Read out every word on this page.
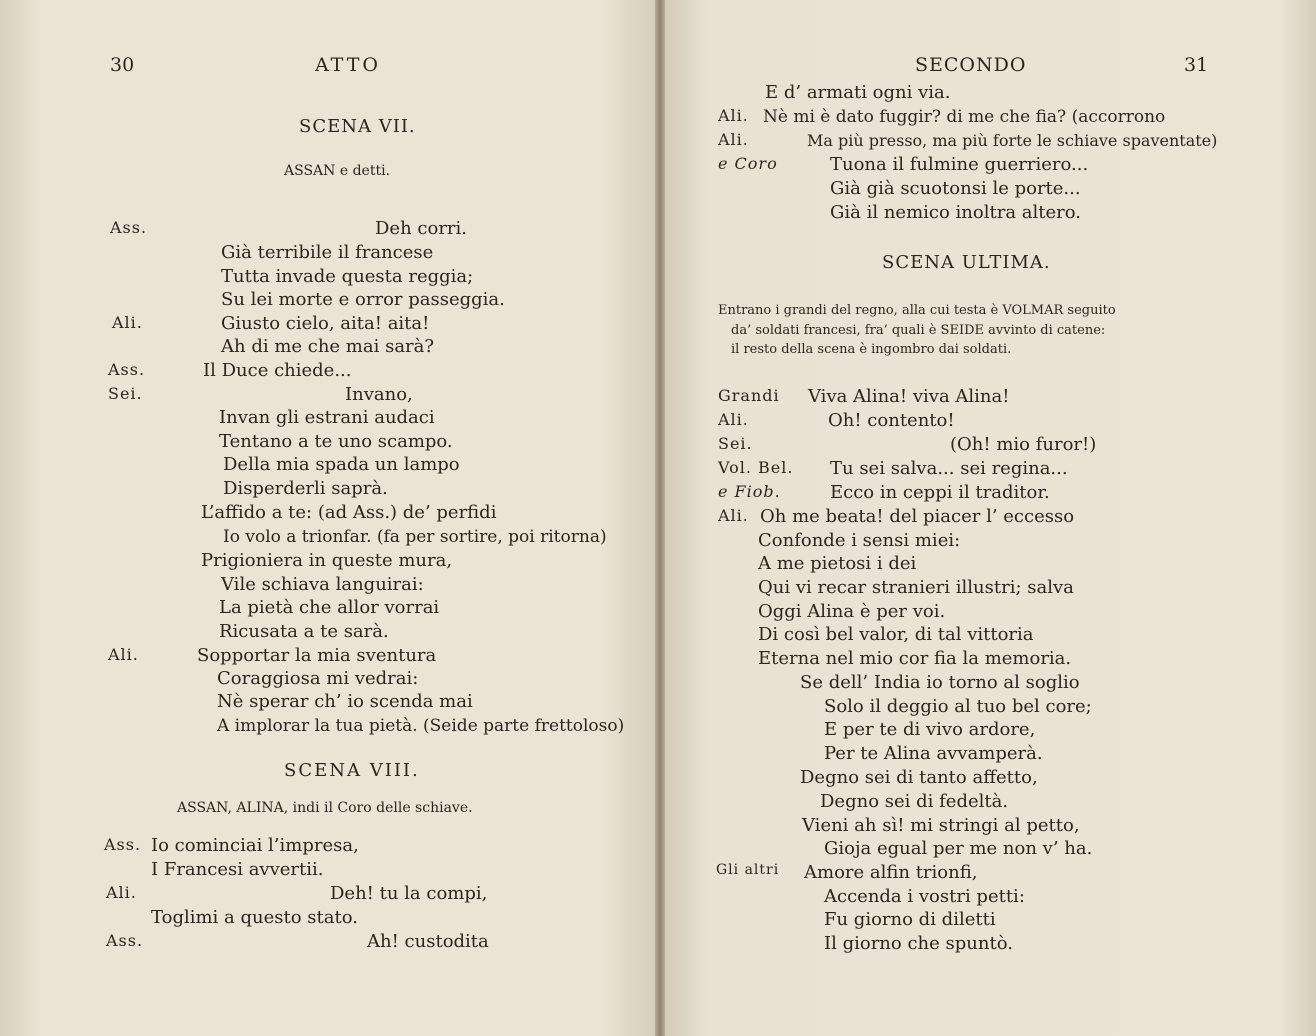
30	ATTO
SCENA VII.
ASSAN e detti.
Ass.	Deh corri.
Già terribile il francese
Tutta invade questa reggia;
Su lei morte e orror passeggia.
Ali.	Giusto cielo, aita! aita!
Ah di me che mai sarà?
Ass.	Il Duce chiede...
Sei.	Invano,
Invan gli estrani audaci
Tentano a te uno scampo.
Della mia spada un lampo
Disperderli saprà.
L’affido a te: (ad Ass.) de’ perfidi
Io volo a trionfar. (fa per sortire, poi ritorna)
Prigioniera in queste mura,
Vile schiava languirai:
La pietà che allor vorrai
Ricusata a te sarà.
Ali.	Sopportar la mia sventura
Coraggiosa mi vedrai:
Nè sperar ch’ io scenda mai
A implorar la tua pietà. (Seide parte frettoloso)
SCENA VIII.
ASSAN, ALINA, indi il Coro delle schiave.
Ass. Io cominciai l’impresa,
I Francesi avvertii.
Ali.	Deh! tu la compi,
Toglimi a questo stato.
Ass.	Ah! custodita
SECONDO	31
E d’ armati ogni via.
Ali. Nè mi è dato fuggir? di me che fia? (accorrono
Ali.	Ma più presso, ma più forte le schiave spaventate)
e Coro	Tuona il fulmine guerriero...
Già già scuotonsi le porte...
Già il nemico inoltra altero.
SCENA ULTIMA.
Entrano i grandi del regno, alla cui testa è VOLMAR seguito
da’ soldati francesi, fra’ quali è SEIDE avvinto di catene:
il resto della scena è ingombro dai soldati.
Grandi Viva Alina! viva Alina!
Ali.	Oh! contento!
Sei.	(Oh! mio furor!)
Vol. Bel. Tu sei salva... sei regina...
e Fiob.	Ecco in ceppi il traditor.
Ali. Oh me beata! del piacer l’ eccesso
Confonde i sensi miei:
A me pietosi i dei
Qui vi recar stranieri illustri; salva
Oggi Alina è per voi.
Di così bel valor, di tal vittoria
Eterna nel mio cor fia la memoria.
Se dell’ India io torno al soglio
Solo il deggio al tuo bel core;
E per te di vivo ardore,
Per te Alina avvamperà.
Degno sei di tanto affetto,
Degno sei di fedeltà.
Vieni ah sì! mi stringi al petto,
Gioja egual per me non v’ ha.
Gli altri Amore alfin trionfi,
Accenda i vostri petti:
Fu giorno di diletti
Il giorno che spuntò.
